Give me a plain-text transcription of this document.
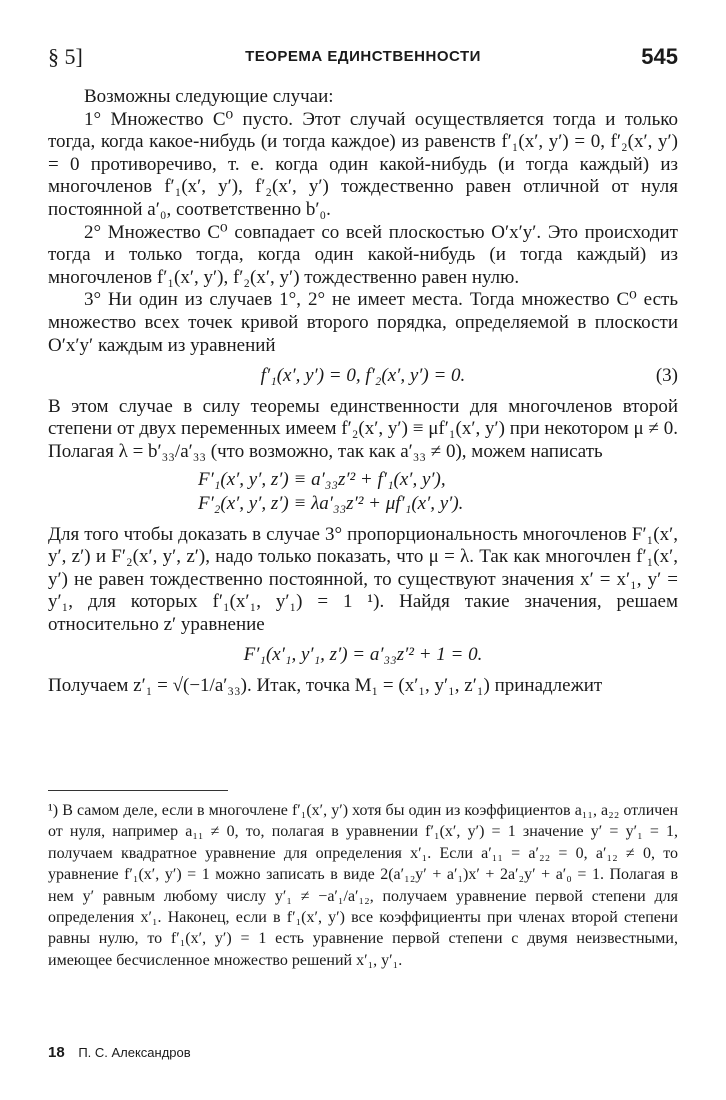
§ 5]	ТЕОРЕМА ЕДИНСТВЕННОСТИ	545

Возможны следующие случаи:

1° Множество C⁰ пусто. Этот случай осуществляется тогда и только тогда, когда какое-нибудь (и тогда каждое) из равенств f′₁(x′, y′) = 0, f′₂(x′, y′) = 0 противоречиво, т. е. когда один какой-нибудь (и тогда каждый) из многочленов f′₁(x′, y′), f′₂(x′, y′) тождественно равен отличной от нуля постоянной a′₀, соответственно b′₀.

2° Множество C⁰ совпадает со всей плоскостью O′x′y′. Это происходит тогда и только тогда, когда один какой-нибудь (и тогда каждый) из многочленов f′₁(x′, y′), f′₂(x′, y′) тождественно равен нулю.

3° Ни один из случаев 1°, 2° не имеет места. Тогда множество C⁰ есть множество всех точек кривой второго порядка, определяемой в плоскости O′x′y′ каждым из уравнений

f′₁(x′, y′) = 0, f′₂(x′, y′) = 0.	(3)

В этом случае в силу теоремы единственности для многочленов второй степени от двух переменных имеем f′₂(x′, y′) ≡ μf′₁(x′, y′) при некотором μ ≠ 0. Полагая λ = b′₃₃/a′₃₃ (что возможно, так как a′₃₃ ≠ 0), можем написать

F′₁(x′, y′, z′) ≡ a′₃₃z′² + f′₁(x′, y′),
F′₂(x′, y′, z′) ≡ λa′₃₃z′² + μf′₁(x′, y′).

Для того чтобы доказать в случае 3° пропорциональность многочленов F′₁(x′, y′, z′) и F′₂(x′, y′, z′), надо только показать, что μ = λ. Так как многочлен f′₁(x′, y′) не равен тождественно постоянной, то существуют значения x′ = x′₁, y′ = y′₁, для которых f′₁(x′₁, y′₁) = 1 ¹). Найдя такие значения, решаем относительно z′ уравнение

F′₁(x′₁, y′₁, z′) = a′₃₃z′² + 1 = 0.

Получаем z′₁ = √(−1/a′₃₃). Итак, точка M₁ = (x′₁, y′₁, z′₁) принадлежит

¹) В самом деле, если в многочлене f′₁(x′, y′) хотя бы один из коэффициентов a₁₁, a₂₂ отличен от нуля, например a₁₁ ≠ 0, то, полагая в уравнении f′₁(x′, y′) = 1 значение y′ = y′₁ = 1, получаем квадратное уравнение для определения x′₁. Если a′₁₁ = a′₂₂ = 0, a′₁₂ ≠ 0, то уравнение f′₁(x′, y′) = 1 можно записать в виде 2(a′₁₂y′ + a′₁)x′ + 2a′₂y′ + a′₀ = 1. Полагая в нем y′ равным любому числу y′₁ ≠ −a′₁/a′₁₂, получаем уравнение первой степени для определения x′₁. Наконец, если в f′₁(x′, y′) все коэффициенты при членах второй степени равны нулю, то f′₁(x′, y′) = 1 есть уравнение первой степени с двумя неизвестными, имеющее бесчисленное множество решений x′₁, y′₁.

18 П. С. Александров
